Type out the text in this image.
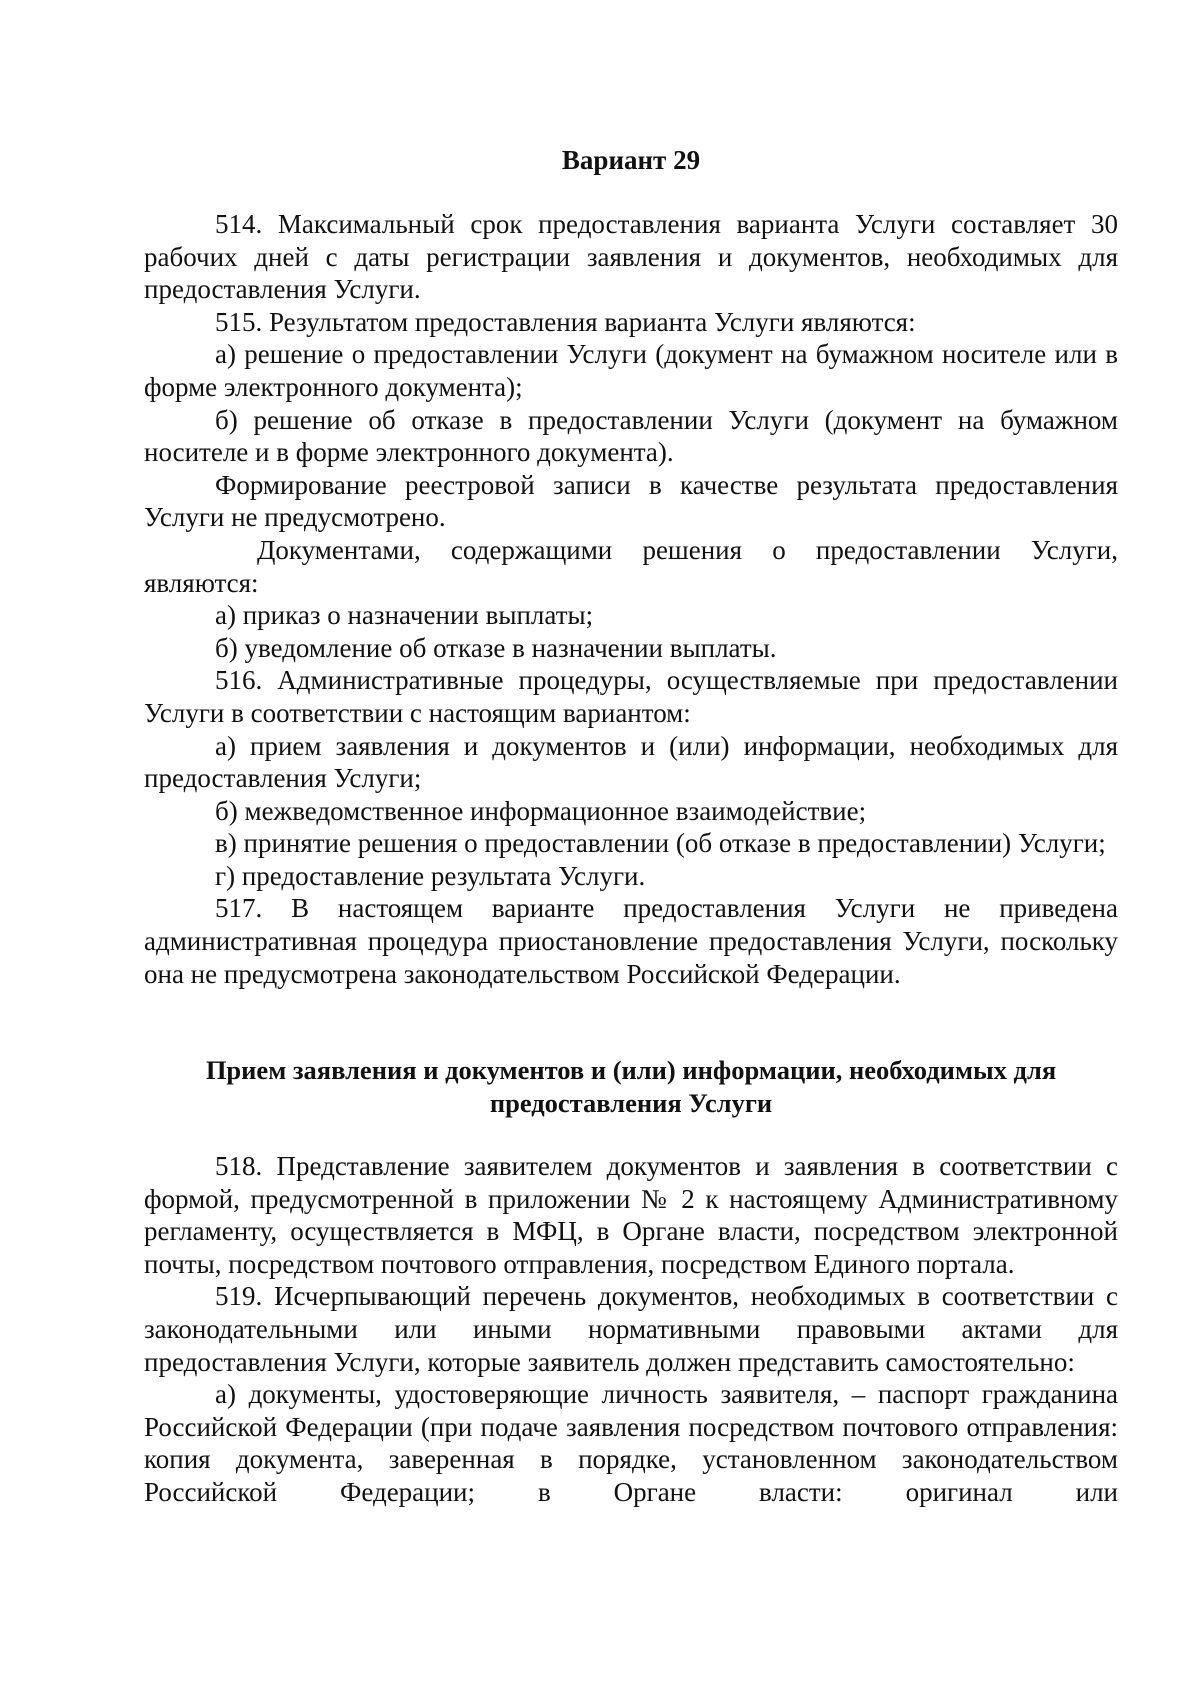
Вариант 29

514. Максимальный срок предоставления варианта Услуги составляет 30 рабочих дней с даты регистрации заявления и документов, необходимых для предоставления Услуги.

515. Результатом предоставления варианта Услуги являются:

а) решение о предоставлении Услуги (документ на бумажном носителе или в форме электронного документа);

б) решение об отказе в предоставлении Услуги (документ на бумажном носителе и в форме электронного документа).

Формирование реестровой записи в качестве результата предоставления Услуги не предусмотрено.

Документами, содержащими решения о предоставлении Услуги, являются:

а) приказ о назначении выплаты;

б) уведомление об отказе в назначении выплаты.

516. Административные процедуры, осуществляемые при предоставлении Услуги в соответствии с настоящим вариантом:

а) прием заявления и документов и (или) информации, необходимых для предоставления Услуги;

б) межведомственное информационное взаимодействие;

в) принятие решения о предоставлении (об отказе в предоставлении) Услуги;

г) предоставление результата Услуги.

517. В настоящем варианте предоставления Услуги не приведена административная процедура приостановление предоставления Услуги, поскольку она не предусмотрена законодательством Российской Федерации.

Прием заявления и документов и (или) информации, необходимых для
предоставления Услуги

518. Представление заявителем документов и заявления в соответствии с формой, предусмотренной в приложении № 2 к настоящему Административному регламенту, осуществляется в МФЦ, в Органе власти, посредством электронной почты, посредством почтового отправления, посредством Единого портала.

519. Исчерпывающий перечень документов, необходимых в соответствии с законодательными или иными нормативными правовыми актами для предоставления Услуги, которые заявитель должен представить самостоятельно:

а) документы, удостоверяющие личность заявителя, – паспорт гражданина Российской Федерации (при подаче заявления посредством почтового отправления: копия документа, заверенная в порядке, установленном законодательством Российской Федерации; в Органе власти: оригинал или
